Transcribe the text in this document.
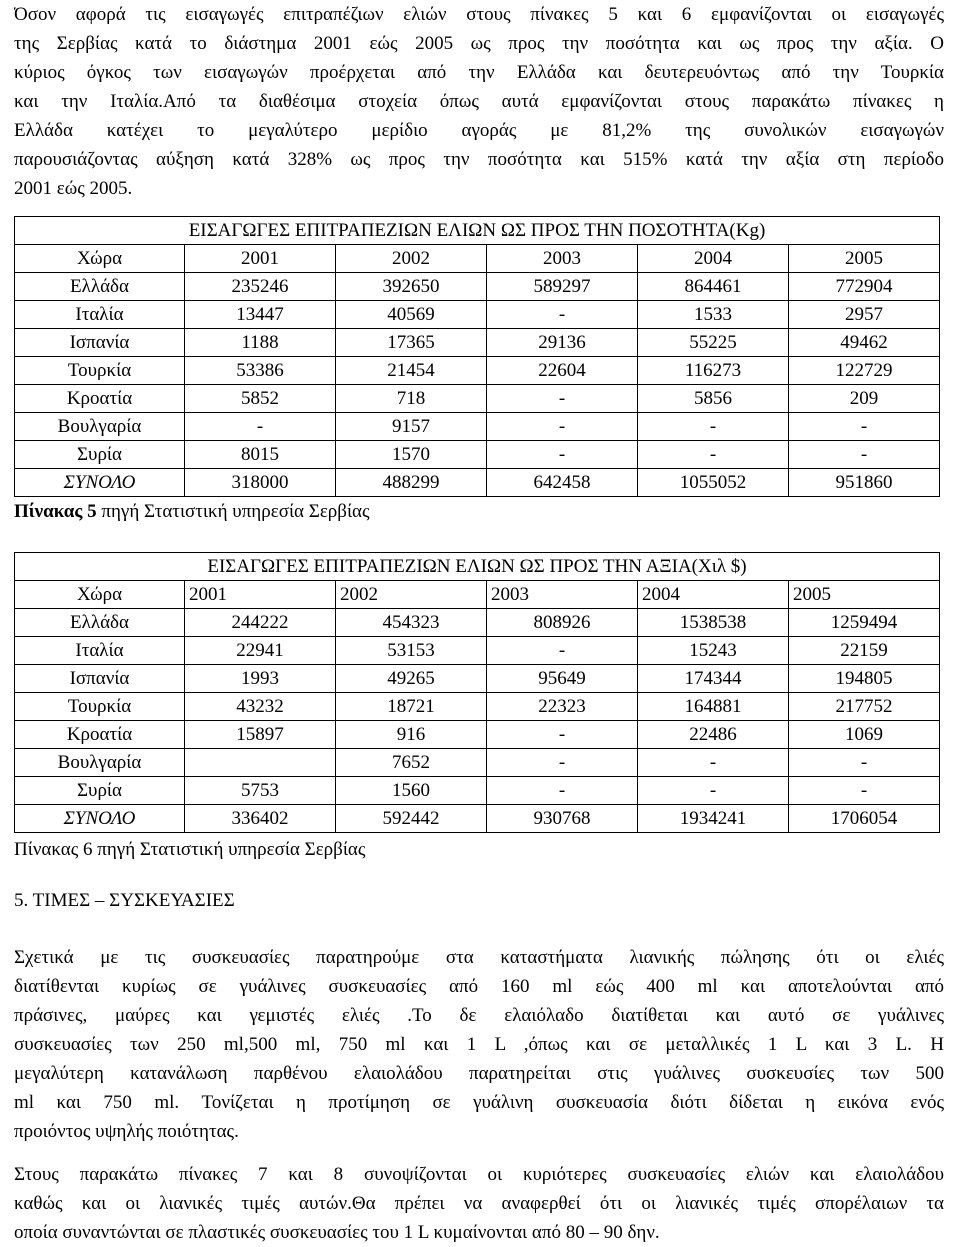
Όσον αφορά τις εισαγωγές επιτραπέζιων ελιών στους πίνακες 5 και 6 εμφανίζονται οι εισαγωγές
της Σερβίας κατά το διάστημα 2001 εώς 2005 ως προς την ποσότητα και ως προς την αξία. Ο
κύριος όγκος των εισαγωγών προέρχεται από την Ελλάδα και δευτερευόντως από την Τουρκία
και την Ιταλία.Από τα διαθέσιμα στοχεία όπως αυτά εμφανίζονται στους παρακάτω πίνακες η
Ελλάδα κατέχει το μεγαλύτερο μερίδιο αγοράς με 81,2% της συνολικών εισαγωγών
παρουσιάζοντας αύξηση κατά 328% ως προς την ποσότητα και 515% κατά την αξία στη περίοδο
2001 εώς 2005.
ΕΙΣΑΓΩΓΕΣ ΕΠΙΤΡΑΠΕΖΙΩΝ ΕΛΙΩΝ ΩΣ ΠΡΟΣ ΤΗΝ ΠΟΣΟΤΗΤΑ(Kg)					
Χώρα	2001	2002	2003	2004	2005
Ελλάδα	235246	392650	589297	864461	772904
Ιταλία	13447	40569	-	1533	2957
Ισπανία	1188	17365	29136	55225	49462
Τουρκία	53386	21454	22604	116273	122729
Κροατία	5852	718	-	5856	209
Βουλγαρία	-	9157	-	-	-
Συρία	8015	1570	-	-	-
ΣΥΝΟΛΟ	318000	488299	642458	1055052	951860
Πίνακας 5 πηγή Στατιστική υπηρεσία Σερβίας
ΕΙΣΑΓΩΓΕΣ ΕΠΙΤΡΑΠΕΖΙΩΝ ΕΛΙΩΝ ΩΣ ΠΡΟΣ ΤΗΝ ΑΞΙΑ(Χιλ $)					
Χώρα	2001	2002	2003	2004	2005
Ελλάδα	244222	454323	808926	1538538	1259494
Ιταλία	22941	53153	-	15243	22159
Ισπανία	1993	49265	95649	174344	194805
Τουρκία	43232	18721	22323	164881	217752
Κροατία	15897	916	-	22486	1069
Βουλγαρία		7652	-	-	-
Συρία	5753	1560	-	-	-
ΣΥΝΟΛΟ	336402	592442	930768	1934241	1706054
Πίνακας 6 πηγή Στατιστική υπηρεσία Σερβίας
5. ΤΙΜΕΣ – ΣΥΣΚΕΥΑΣΙΕΣ
Σχετικά με τις συσκευασίες παρατηρούμε στα καταστήματα λιανικής πώλησης ότι οι ελιές
διατίθενται κυρίως σε γυάλινες συσκευασίες από 160 ml εώς 400 ml και αποτελούνται από
πράσινες, μαύρες και γεμιστές ελιές .Το δε ελαιόλαδο διατίθεται και αυτό σε γυάλινες
συσκευασίες των 250 ml,500 ml, 750 ml και 1 L ,όπως και σε μεταλλικές 1 L και 3 L. Η
μεγαλύτερη κατανάλωση παρθένου ελαιολάδου παρατηρείται στις γυάλινες συσκευσίες των 500
ml και 750 ml. Τονίζεται η προτίμηση σε γυάλινη συσκευασία διότι δίδεται η εικόνα ενός
προιόντος υψηλής ποιότητας.
Στους παρακάτω πίνακες 7 και 8 συνοψίζονται οι κυριότερες συσκευασίες ελιών και ελαιολάδου
καθώς και οι λιανικές τιμές αυτών.Θα πρέπει να αναφερθεί ότι οι λιανικές τιμές σπορέλαιων τα
οποία συναντώνται σε πλαστικές συσκευασίες του 1 L κυμαίνονται από 80 – 90 δην.
